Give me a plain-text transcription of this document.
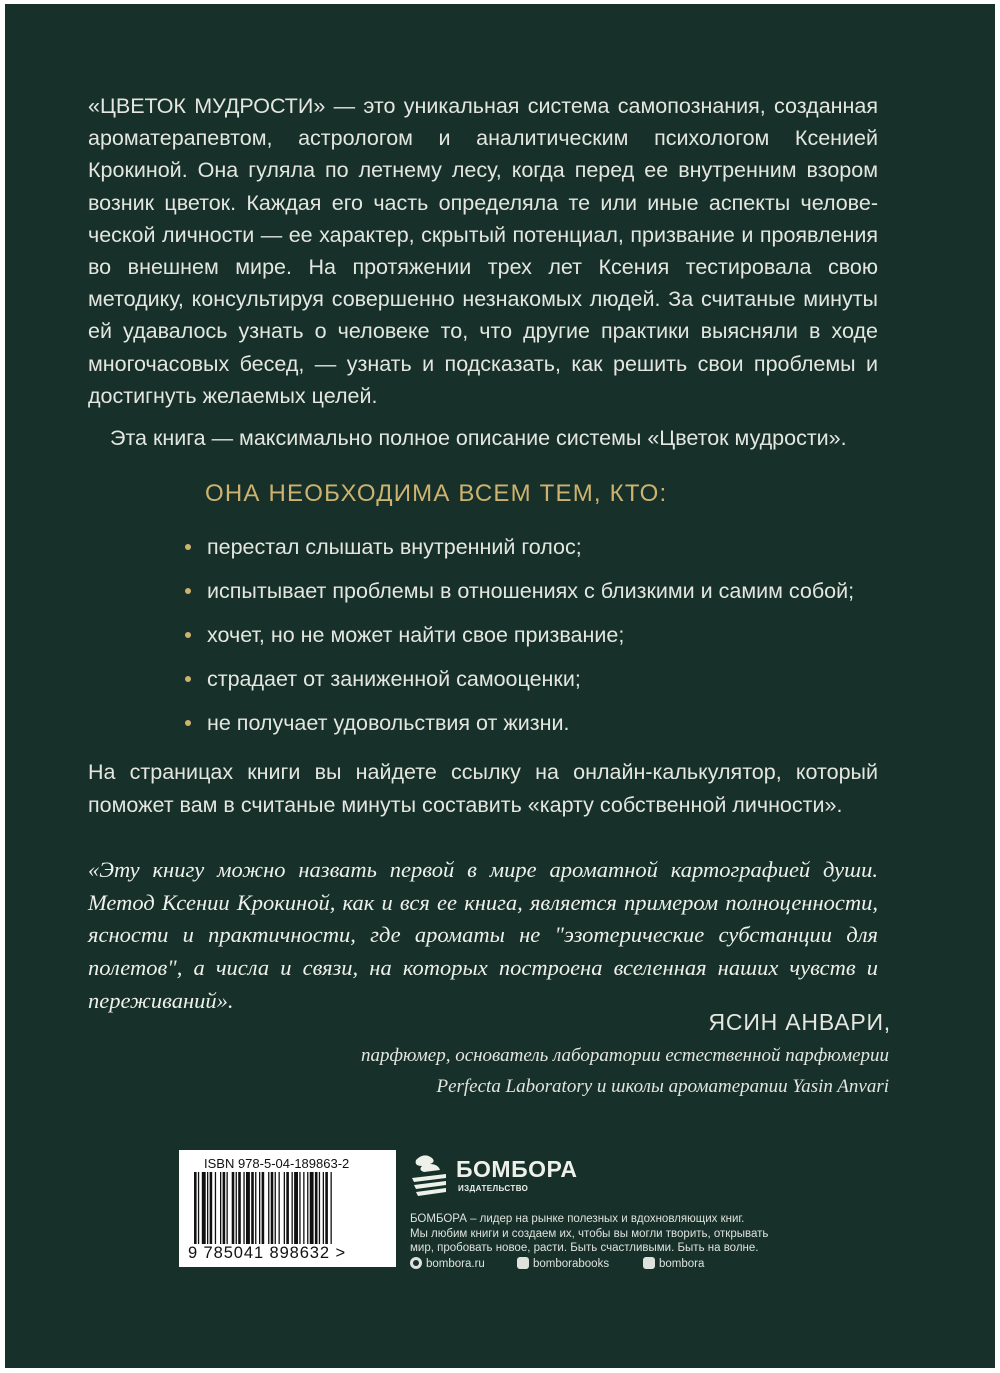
«ЦВЕТОК МУДРОСТИ» — это уникальная система самопознания, созданная ароматерапевтом, астрологом и аналитическим психологом Ксенией Крокиной. Она гуляла по летнему лесу, когда перед ее внутренним взором возник цветок. Каждая его часть определяла те или иные аспекты человеческой личности — ее характер, скрытый потенциал, призвание и проявления во внешнем мире. На протяжении трех лет Ксения тестировала свою методику, консультируя совершенно незнакомых людей. За считаные минуты ей удавалось узнать о человеке то, что другие практики выясняли в ходе многочасовых бесед, — узнать и подсказать, как решить свои проблемы и достигнуть желаемых целей.

Эта книга — максимально полное описание системы «Цветок мудрости».

ОНА НЕОБХОДИМА ВСЕМ ТЕМ, КТО:
перестал слышать внутренний голос;
испытывает проблемы в отношениях с близкими и самим собой;
хочет, но не может найти свое призвание;
страдает от заниженной самооценки;
не получает удовольствия от жизни.

На страницах книги вы найдете ссылку на онлайн-калькулятор, который поможет вам в считаные минуты составить «карту собственной личности».

«Эту книгу можно назвать первой в мире ароматной картографией души. Метод Ксении Крокиной, как и вся ее книга, является примером полноценности, ясности и практичности, где ароматы не "эзотерические субстанции для полетов", а числа и связи, на которых построена вселенная наших чувств и переживаний».

ЯСИН АНВАРИ,

парфюмер, основатель лаборатории естественной парфюмерии
Perfecta Laboratory и школы ароматерапии Yasin Anvari

ISBN 978-5-04-189863-2
9 785041 898632 >
БОМБОРА
ИЗДАТЕЛЬСТВО

БОМБОРА – лидер на рынке полезных и вдохновляющих книг.
Мы любим книги и создаем их, чтобы вы могли творить, открывать
мир, пробовать новое, расти. Быть счастливыми. Быть на волне.

bombora.ru	bomborabooks	bombora
